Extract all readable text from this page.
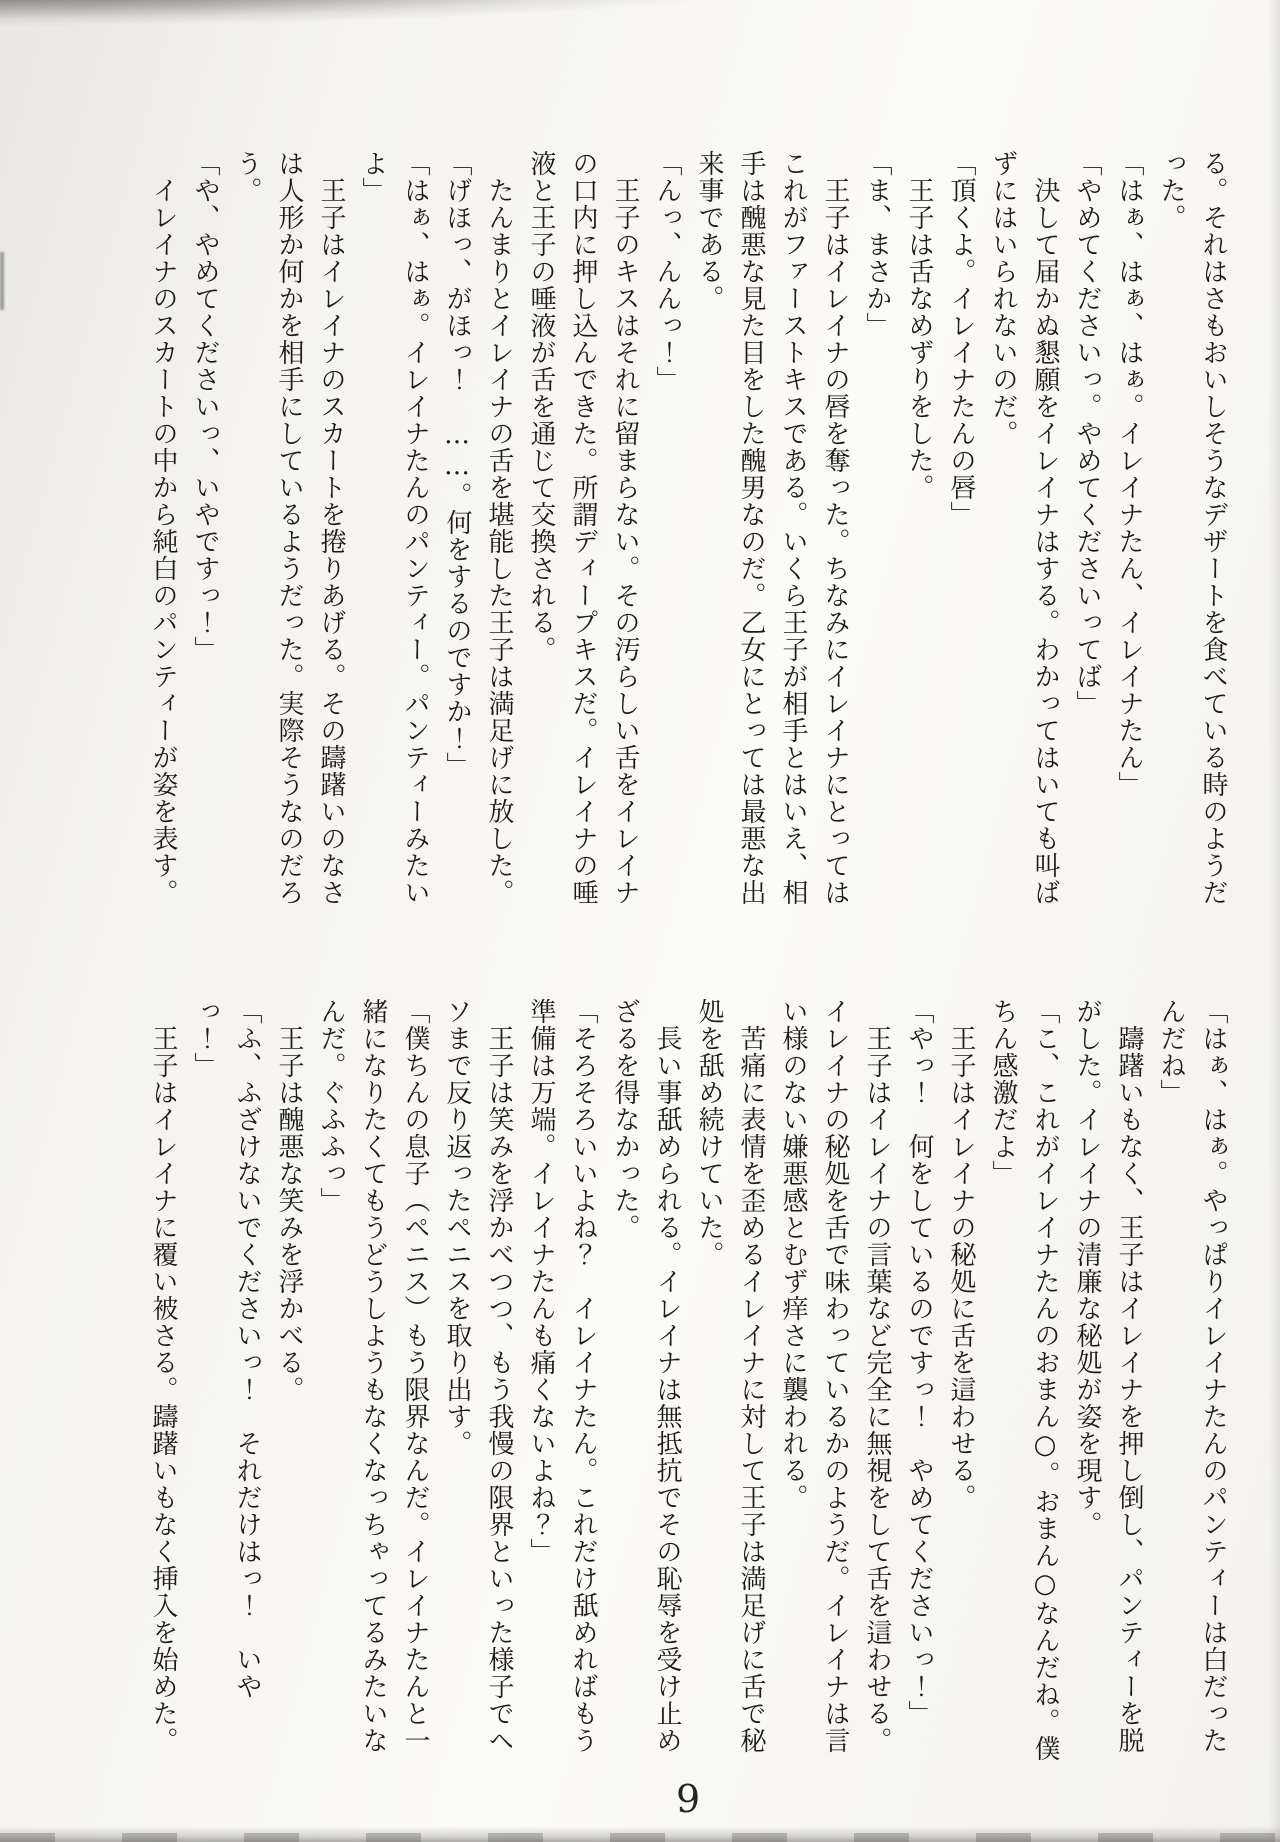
る。それはさもおいしそうなデザートを食べている時のようだ

った。

「はぁ、はぁ、はぁ。イレイナたん、イレイナたん」

「やめてくださいっ。やめてくださいってば」

決して届かぬ懇願をイレイナはする。わかってはいても叫ば

ずにはいられないのだ。

「頂くよ。イレイナたんの唇」

王子は舌なめずりをした。

「ま、まさか」

王子はイレイナの唇を奪った。ちなみにイレイナにとっては

これがファーストキスである。いくら王子が相手とはいえ、相

手は醜悪な見た目をした醜男なのだ。乙女にとっては最悪な出

来事である。

「んっ、んんっ！」

王子のキスはそれに留まらない。その汚らしい舌をイレイナ

の口内に押し込んできた。所謂ディープキスだ。イレイナの唾

液と王子の唾液が舌を通じて交換される。

たんまりとイレイナの舌を堪能した王子は満足げに放した。

「げほっ、がほっ！　……。何をするのですか！」

「はぁ、はぁ。イレイナたんのパンティー。パンティーみたい

よ」

王子はイレイナのスカートを捲りあげる。その躊躇いのなさ

は人形か何かを相手にしているようだった。実際そうなのだろ

う。

「や、やめてくださいっ、いやですっ！」

イレイナのスカートの中から純白のパンティーが姿を表す。

「はぁ、はぁ。やっぱりイレイナたんのパンティーは白だった

んだね」

躊躇いもなく、王子はイレイナを押し倒し、パンティーを脱

がした。イレイナの清廉な秘処が姿を現す。

「こ、これがイレイナたんのおまん○。おまん○なんだね。僕

ちん感激だよ」

王子はイレイナの秘処に舌を這わせる。

「やっ！　何をしているのですっ！　やめてくださいっ！」

王子はイレイナの言葉など完全に無視をして舌を這わせる。

イレイナの秘処を舌で味わっているかのようだ。イレイナは言

い様のない嫌悪感とむず痒さに襲われる。

苦痛に表情を歪めるイレイナに対して王子は満足げに舌で秘

処を舐め続けていた。

長い事舐められる。イレイナは無抵抗でその恥辱を受け止め

ざるを得なかった。

「そろそろいいよね？　イレイナたん。これだけ舐めればもう

準備は万端。イレイナたんも痛くないよね？」

王子は笑みを浮かべつつ、もう我慢の限界といった様子でヘ

ソまで反り返ったペニスを取り出す。

「僕ちんの息子（ペニス）もう限界なんだ。イレイナたんと一

緒になりたくてもうどうしようもなくなっちゃってるみたいな

んだ。ぐふふっ」

王子は醜悪な笑みを浮かべる。

「ふ、ふざけないでくださいっ！　それだけはっ！　いや

っ！」

王子はイレイナに覆い被さる。躊躇いもなく挿入を始めた。

9
